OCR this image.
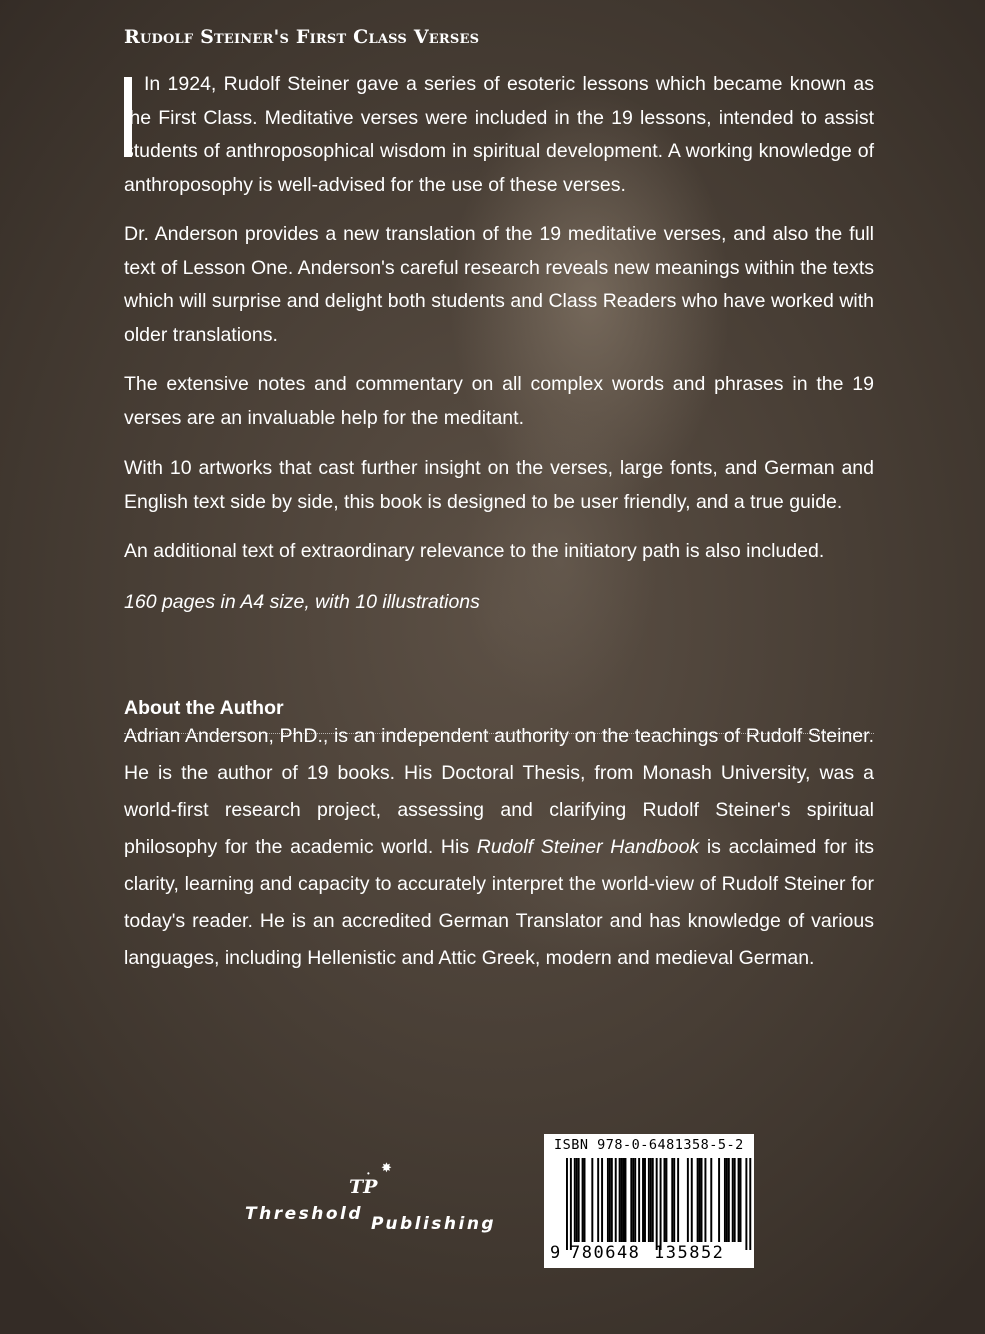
Rudolf Steiner's First Class Verses

In 1924, Rudolf Steiner gave a series of esoteric lessons which became known as the First Class. Meditative verses were included in the 19 lessons, intended to assist students of anthroposophical wisdom in spiritual development. A working knowledge of anthroposophy is well-advised for the use of these verses.

Dr. Anderson provides a new translation of the 19 meditative verses, and also the full text of Lesson One. Anderson's careful research reveals new meanings within the texts which will surprise and delight both students and Class Readers who have worked with older translations.

The extensive notes and commentary on all complex words and phrases in the 19 verses are an invaluable help for the meditant.

With 10 artworks that cast further insight on the verses, large fonts, and German and English text side by side, this book is designed to be user friendly, and a true guide.

An additional text of extraordinary relevance to the initiatory path is also included.

160 pages in A4 size, with 10 illustrations

About the Author

Adrian Anderson, PhD., is an independent authority on the teachings of Rudolf Steiner. He is the author of 19 books. His Doctoral Thesis, from Monash University, was a world-first research project, assessing and clarifying Rudolf Steiner's spiritual philosophy for the academic world. His Rudolf Steiner Handbook is acclaimed for its clarity, learning and capacity to accurately interpret the world-view of Rudolf Steiner for today's reader. He is an accredited German Translator and has knowledge of various languages, including Hellenistic and Attic Greek, modern and medieval German.

✸
•
TP
Threshold Publishing
ISBN 978-0-6481358-5-2
9 780648 135852
